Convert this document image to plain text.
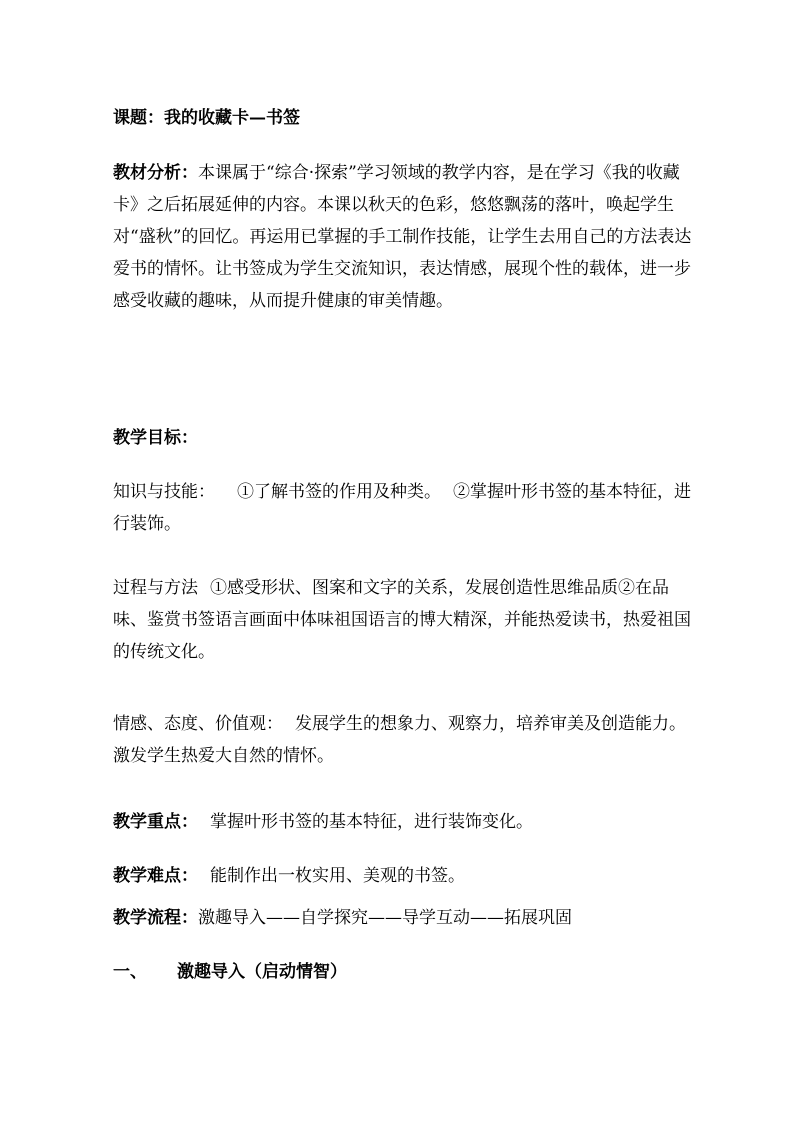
课题：我的收藏卡—书签

教材分析：本课属于“综合·探索”学习领域的教学内容，是在学习《我的收藏卡》之后拓展延伸的内容。本课以秋天的色彩，悠悠飘荡的落叶，唤起学生对“盛秋”的回忆。再运用已掌握的手工制作技能，让学生去用自己的方法表达爱书的情怀。让书签成为学生交流知识，表达情感，展现个性的载体，进一步感受收藏的趣味，从而提升健康的审美情趣。

教学目标：

知识与技能： ①了解书签的作用及种类。 ②掌握叶形书签的基本特征，进行装饰。

过程与方法 ①感受形状、图案和文字的关系，发展创造性思维品质②在品味、鉴赏书签语言画面中体味祖国语言的博大精深，并能热爱读书，热爱祖国的传统文化。

情感、态度、价值观： 发展学生的想象力、观察力，培养审美及创造能力。激发学生热爱大自然的情怀。

教学重点： 掌握叶形书签的基本特征，进行装饰变化。

教学难点： 能制作出一枚实用、美观的书签。

教学流程：激趣导入——自学探究——导学互动——拓展巩固

一、 激趣导入（启动情智）
